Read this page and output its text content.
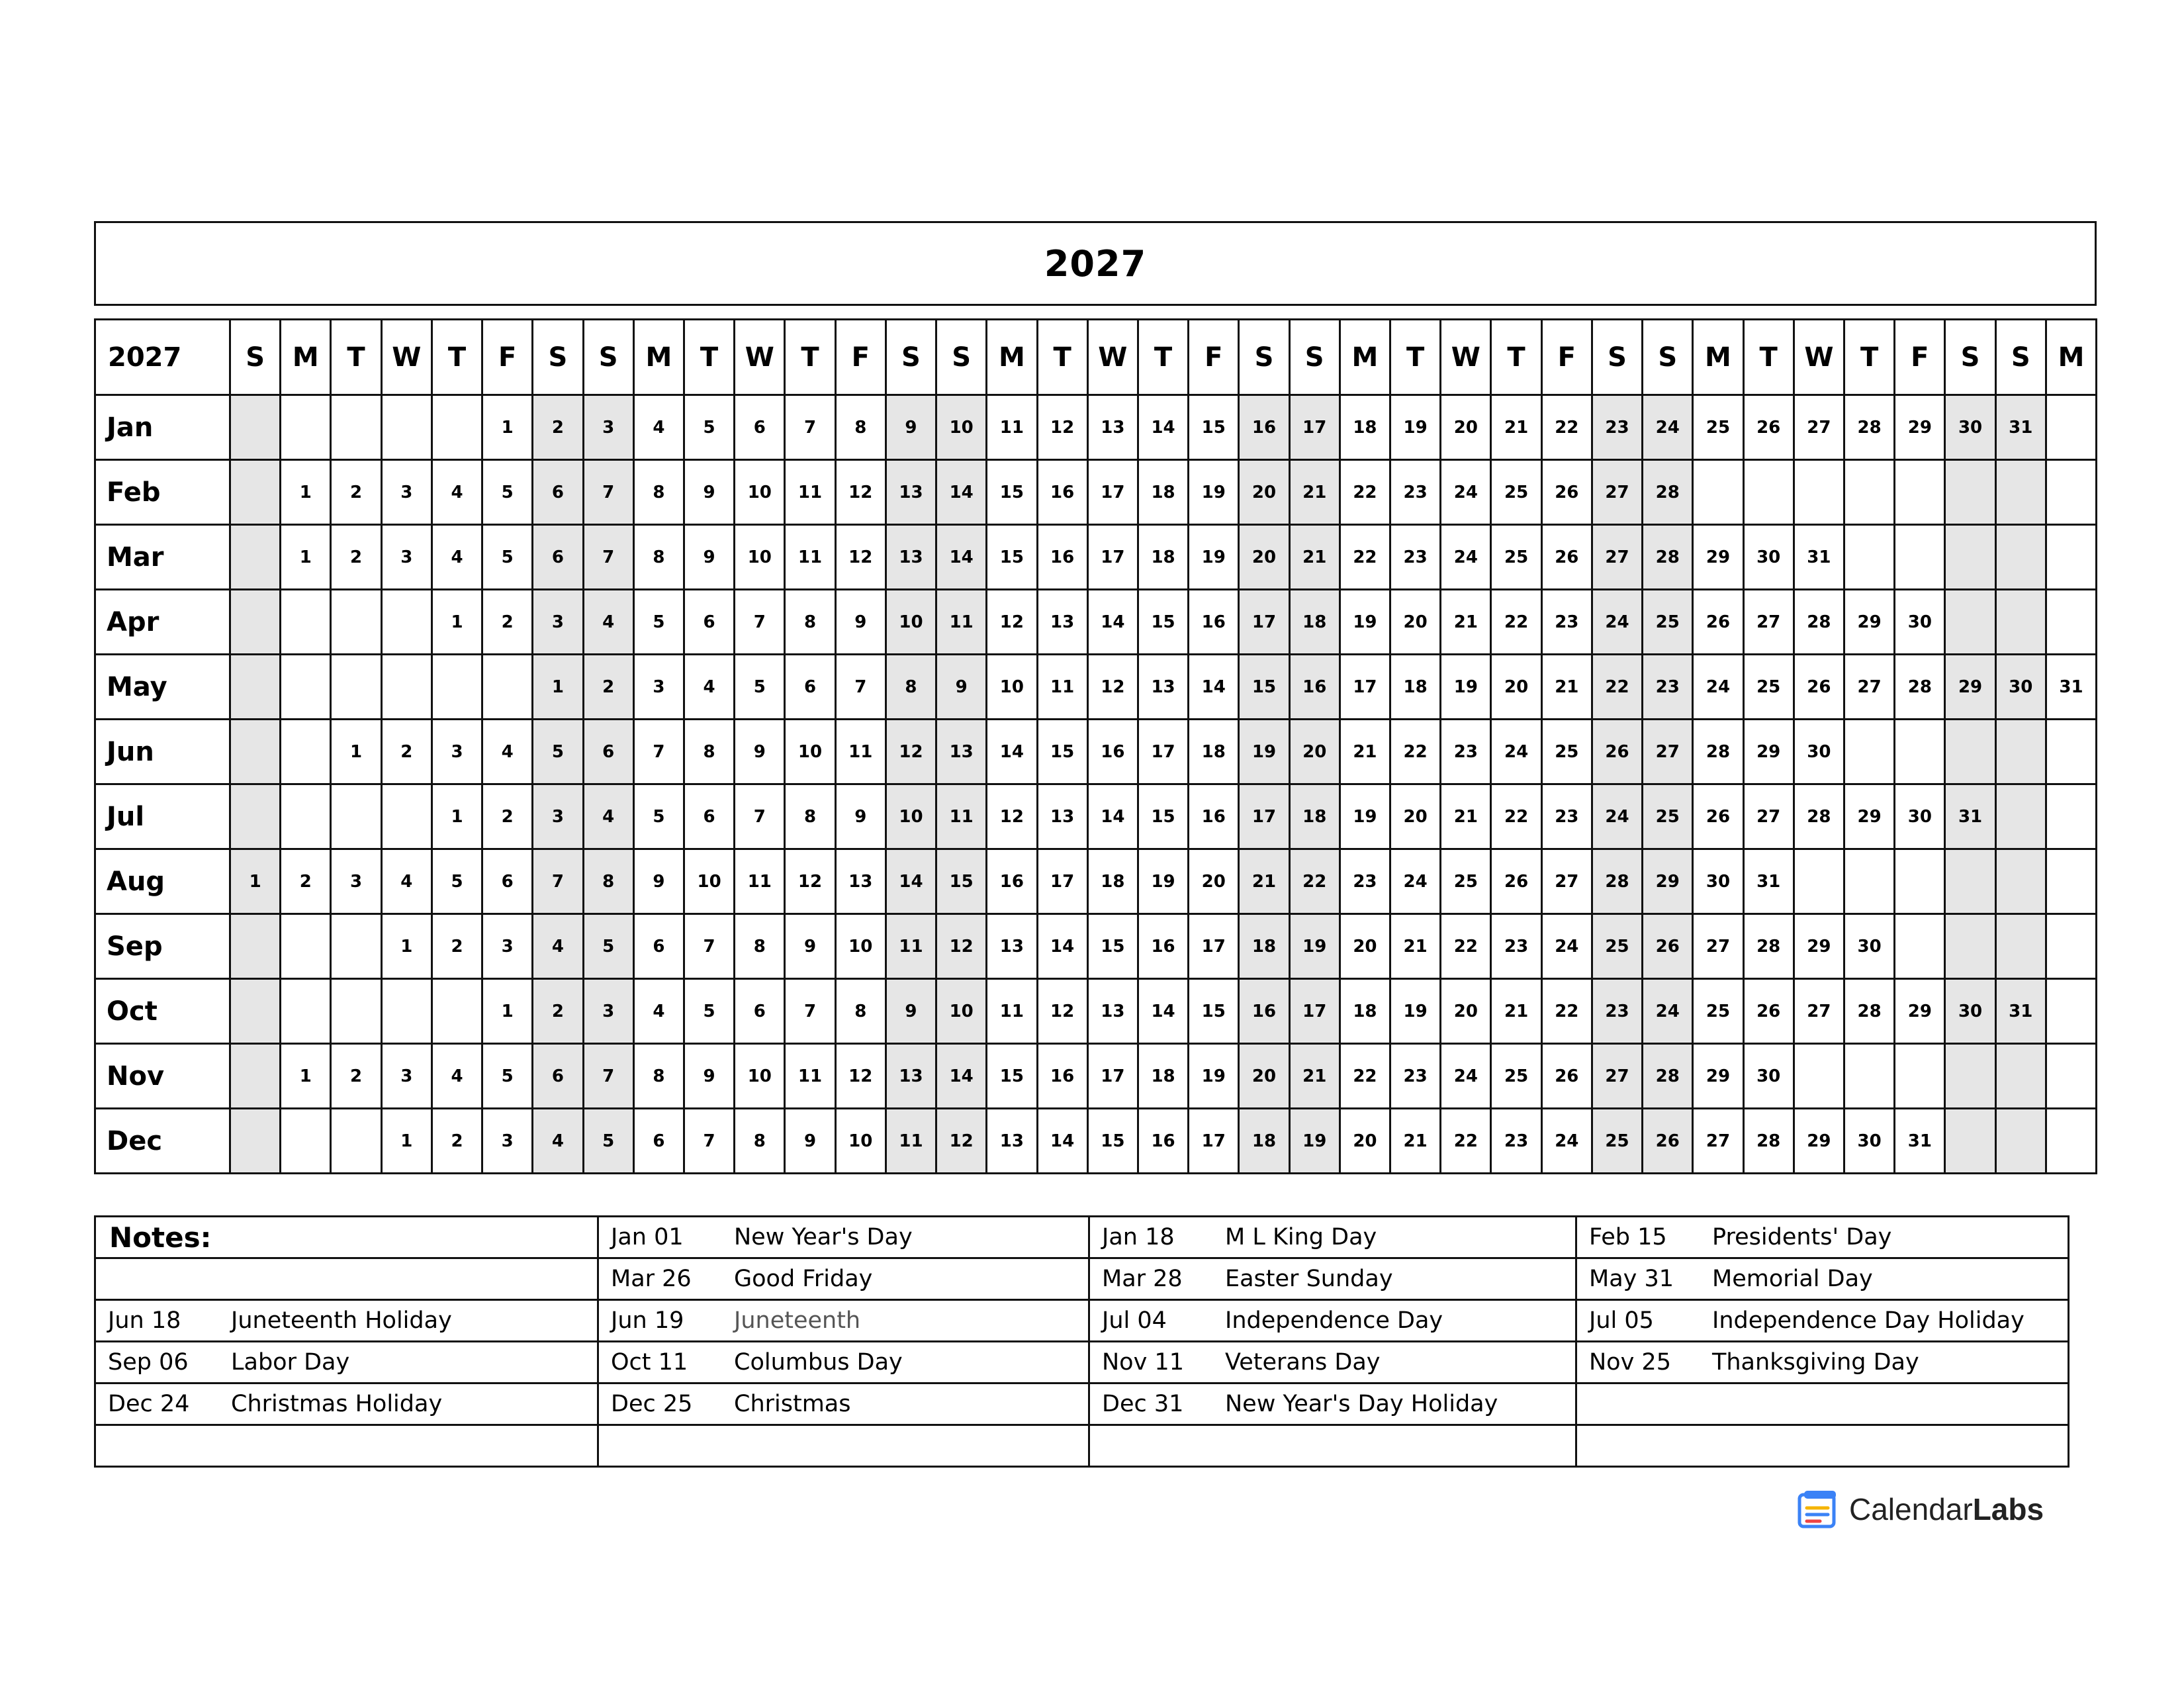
2027
2027	S	M	T	W	T	F	S	S	M	T	W	T	F	S	S	M	T	W	T	F	S	S	M	T	W	T	F	S	S	M	T	W	T	F	S	S	M
Jan						1	2	3	4	5	6	7	8	9	10	11	12	13	14	15	16	17	18	19	20	21	22	23	24	25	26	27	28	29	30	31	
Feb		1	2	3	4	5	6	7	8	9	10	11	12	13	14	15	16	17	18	19	20	21	22	23	24	25	26	27	28								
Mar		1	2	3	4	5	6	7	8	9	10	11	12	13	14	15	16	17	18	19	20	21	22	23	24	25	26	27	28	29	30	31					
Apr					1	2	3	4	5	6	7	8	9	10	11	12	13	14	15	16	17	18	19	20	21	22	23	24	25	26	27	28	29	30			
May							1	2	3	4	5	6	7	8	9	10	11	12	13	14	15	16	17	18	19	20	21	22	23	24	25	26	27	28	29	30	31
Jun			1	2	3	4	5	6	7	8	9	10	11	12	13	14	15	16	17	18	19	20	21	22	23	24	25	26	27	28	29	30					
Jul					1	2	3	4	5	6	7	8	9	10	11	12	13	14	15	16	17	18	19	20	21	22	23	24	25	26	27	28	29	30	31		
Aug	1	2	3	4	5	6	7	8	9	10	11	12	13	14	15	16	17	18	19	20	21	22	23	24	25	26	27	28	29	30	31						
Sep				1	2	3	4	5	6	7	8	9	10	11	12	13	14	15	16	17	18	19	20	21	22	23	24	25	26	27	28	29	30				
Oct						1	2	3	4	5	6	7	8	9	10	11	12	13	14	15	16	17	18	19	20	21	22	23	24	25	26	27	28	29	30	31	
Nov		1	2	3	4	5	6	7	8	9	10	11	12	13	14	15	16	17	18	19	20	21	22	23	24	25	26	27	28	29	30						
Dec				1	2	3	4	5	6	7	8	9	10	11	12	13	14	15	16	17	18	19	20	21	22	23	24	25	26	27	28	29	30	31			
Notes:	Jan 01 New Year's Day	Jan 18 M L King Day	Feb 15 Presidents' Day

	Mar 26 Good Friday	Mar 28 Easter Sunday	May 31 Memorial Day

Jun 18 Juneteenth Holiday	Jun 19 Juneteenth	Jul 04 Independence Day	Jul 05 Independence Day Holiday

Sep 06 Labor Day	Oct 11 Columbus Day	Nov 11 Veterans Day	Nov 25 Thanksgiving Day

Dec 24 Christmas Holiday	Dec 25 Christmas	Dec 31 New Year's Day Holiday	

CalendarLabs
